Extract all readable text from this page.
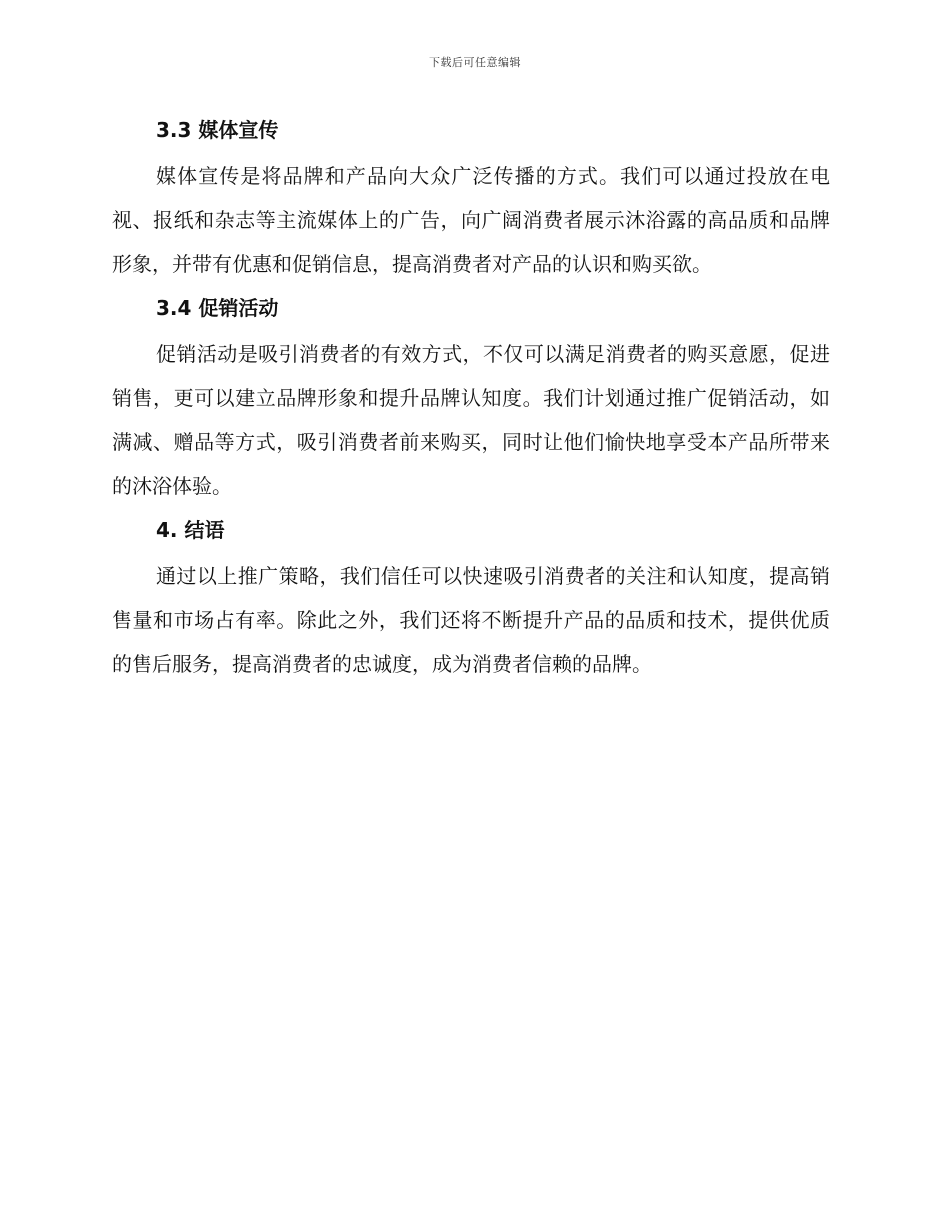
下载后可任意编辑
3.3 媒体宣传

媒体宣传是将品牌和产品向大众广泛传播的方式。我们可以通过投放在电视、报纸和杂志等主流媒体上的广告，向广阔消费者展示沐浴露的高品质和品牌形象，并带有优惠和促销信息，提高消费者对产品的认识和购买欲。

3.4 促销活动

促销活动是吸引消费者的有效方式，不仅可以满足消费者的购买意愿，促进销售，更可以建立品牌形象和提升品牌认知度。我们计划通过推广促销活动，如满减、赠品等方式，吸引消费者前来购买，同时让他们愉快地享受本产品所带来的沐浴体验。

4. 结语

通过以上推广策略，我们信任可以快速吸引消费者的关注和认知度，提高销售量和市场占有率。除此之外，我们还将不断提升产品的品质和技术，提供优质的售后服务，提高消费者的忠诚度，成为消费者信赖的品牌。
